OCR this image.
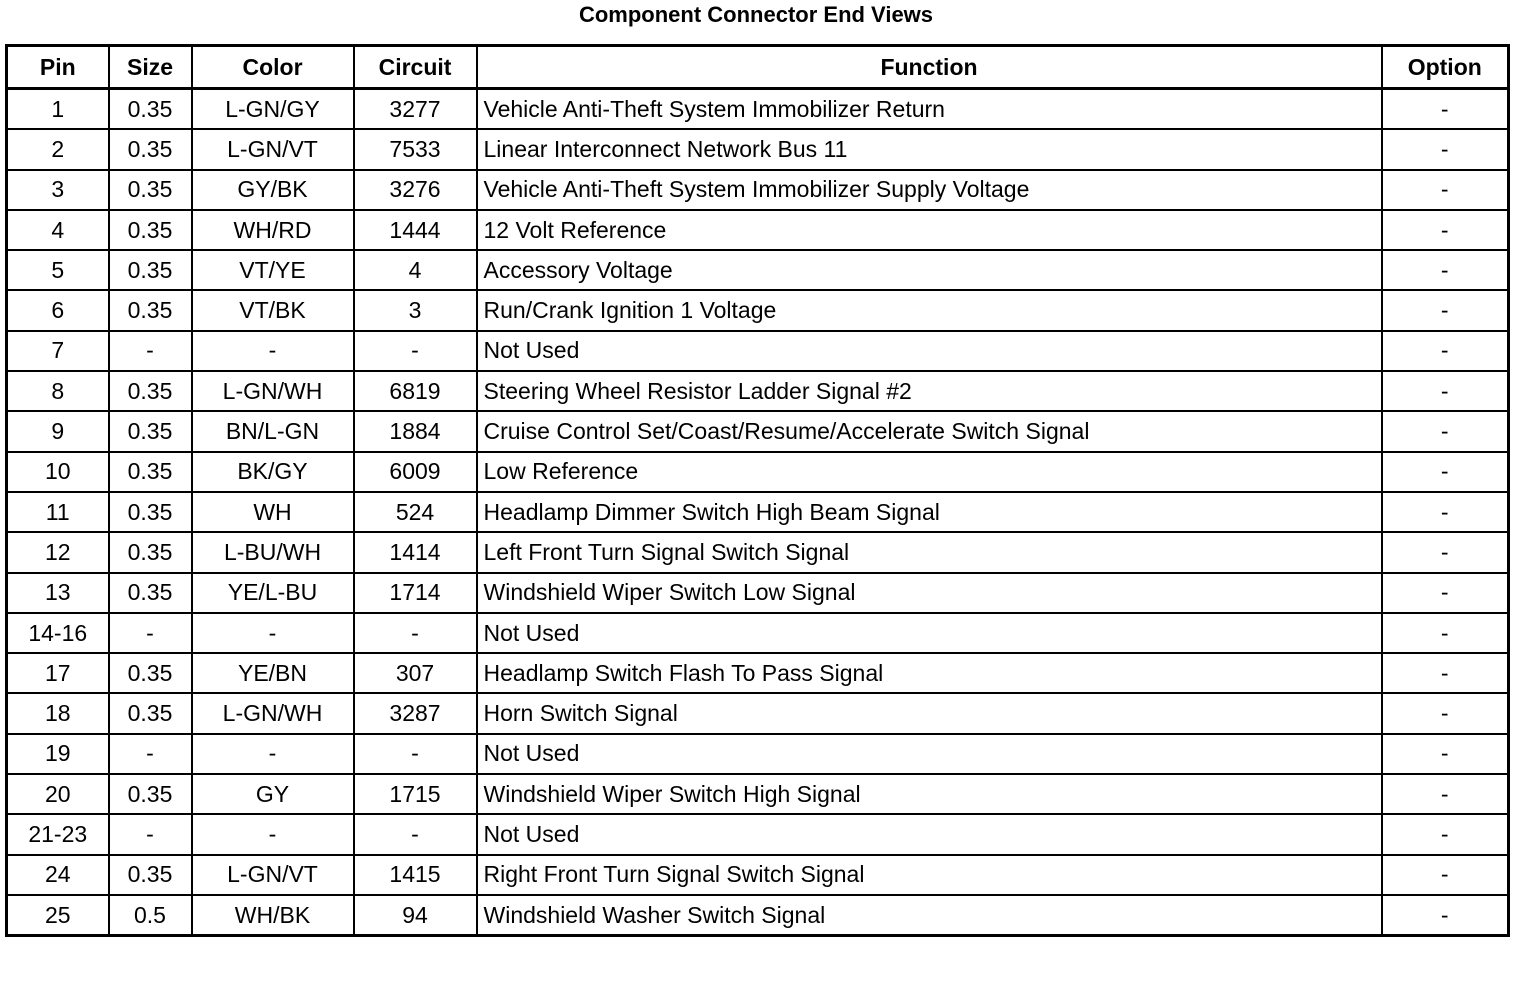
Component Connector End Views
Pin	Size	Color	Circuit	Function	Option
1	0.35	L-GN/GY	3277	Vehicle Anti-Theft System Immobilizer Return	-
2	0.35	L-GN/VT	7533	Linear Interconnect Network Bus 11	-
3	0.35	GY/BK	3276	Vehicle Anti-Theft System Immobilizer Supply Voltage	-
4	0.35	WH/RD	1444	12 Volt Reference	-
5	0.35	VT/YE	4	Accessory Voltage	-
6	0.35	VT/BK	3	Run/Crank Ignition 1 Voltage	-
7	-	-	-	Not Used	-
8	0.35	L-GN/WH	6819	Steering Wheel Resistor Ladder Signal #2	-
9	0.35	BN/L-GN	1884	Cruise Control Set/Coast/Resume/Accelerate Switch Signal	-
10	0.35	BK/GY	6009	Low Reference	-
11	0.35	WH	524	Headlamp Dimmer Switch High Beam Signal	-
12	0.35	L-BU/WH	1414	Left Front Turn Signal Switch Signal	-
13	0.35	YE/L-BU	1714	Windshield Wiper Switch Low Signal	-
14-16	-	-	-	Not Used	-
17	0.35	YE/BN	307	Headlamp Switch Flash To Pass Signal	-
18	0.35	L-GN/WH	3287	Horn Switch Signal	-
19	-	-	-	Not Used	-
20	0.35	GY	1715	Windshield Wiper Switch High Signal	-
21-23	-	-	-	Not Used	-
24	0.35	L-GN/VT	1415	Right Front Turn Signal Switch Signal	-
25	0.5	WH/BK	94	Windshield Washer Switch Signal	-
